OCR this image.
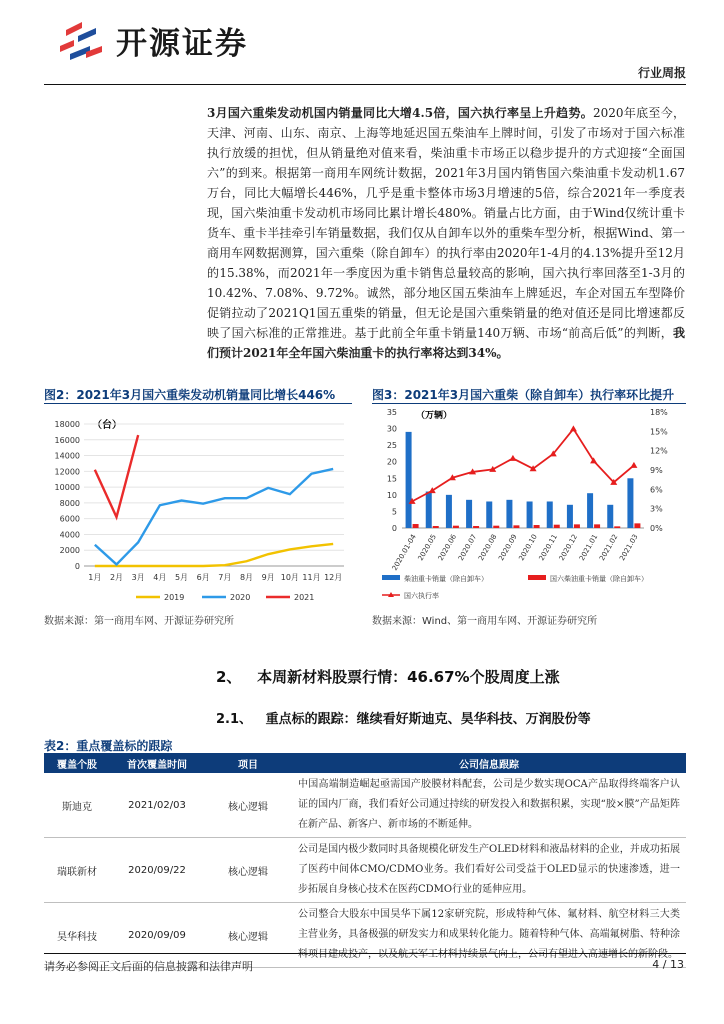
开源证券
行业周报
3月国六重柴发动机国内销量同比大增4.5倍，国六执行率呈上升趋势。2020年底至今，天津、河南、山东、南京、上海等地延迟国五柴油车上牌时间，引发了市场对于国六标准执行放缓的担忧，但从销量绝对值来看，柴油重卡市场正以稳步提升的方式迎接“全面国六”的到来。根据第一商用车网统计数据，2021年3月国内销售国六柴油重卡发动机1.67万台，同比大幅增长446%，几乎是重卡整体市场3月增速的5倍，综合2021年一季度表现，国六柴油重卡发动机市场同比累计增长480%。销量占比方面，由于Wind仅统计重卡货车、重卡半挂牵引车销量数据，我们仅从自卸车以外的重柴车型分析，根据Wind、第一商用车网数据测算，国六重柴（除自卸车）的执行率由2020年1-4月的4.13%提升至12月的15.38%，而2021年一季度因为重卡销售总量较高的影响，国六执行率回落至1-3月的10.42%、7.08%、9.72%。诚然，部分地区国五柴油车上牌延迟，车企对国五车型降价促销拉动了2021Q1国五重柴的销量，但无论是国六重柴销量的绝对值还是同比增速都反映了国六标准的正常推进。基于此前全年重卡销量140万辆、市场“前高后低”的判断，我们预计2021年全年国六柴油重卡的执行率将达到34%。
图2：2021年3月国六重柴发动机销量同比增长446%
（台）
0
2000
4000
6000
8000
10000
12000
14000
16000
18000
1月 2月 3月 4月 5月 6月 7月 8月 9月 10月 11月 12月
2019	2020	2021
数据来源：第一商用车网、开源证券研究所
图3：2021年3月国六重柴（除自卸车）执行率环比提升
（万辆）
0
5
10
15
20
25
30
35
0%
3%
6%
9%
12%
15%
18%
2020.01-04
2020.05
2020.06
2020.07
2020.08
2020.09
2020.10
2020.11
2020.12
2021.01
2021.02
2021.03
柴油重卡销量（除自卸车）	国六柴油重卡销量（除自卸车）
国六执行率
数据来源：Wind、第一商用车网、开源证券研究所
2、 本周新材料股票行情：46.67%个股周度上涨
2.1、 重点标的跟踪：继续看好斯迪克、昊华科技、万润股份等
表2：重点覆盖标的跟踪
覆盖个股	首次覆盖时间	项目	公司信息跟踪
斯迪克	2021/02/03	核心逻辑	中国高端制造崛起亟需国产胶膜材料配套，公司是少数实现OCA产品取得终端客户认证的国内厂商，我们看好公司通过持续的研发投入和数据积累，实现“胶×膜”产品矩阵在新产品、新客户、新市场的不断延伸。
瑞联新材	2020/09/22	核心逻辑	公司是国内极少数同时具备规模化研发生产OLED材料和液晶材料的企业，并成功拓展了医药中间体CMO/CDMO业务。我们看好公司受益于OLED显示的快速渗透，进一步拓展自身核心技术在医药CDMO行业的延伸应用。
昊华科技	2020/09/09	核心逻辑	公司整合大股东中国昊华下属12家研究院，形成特种气体、氟材料、航空材料三大类主营业务，具备极强的研发实力和成果转化能力。随着特种气体、高端氟树脂、特种涂料项目建成投产，以及航天军工材料持续景气向上，公司有望进入高速增长的新阶段。
请务必参阅正文后面的信息披露和法律声明	4 / 13
